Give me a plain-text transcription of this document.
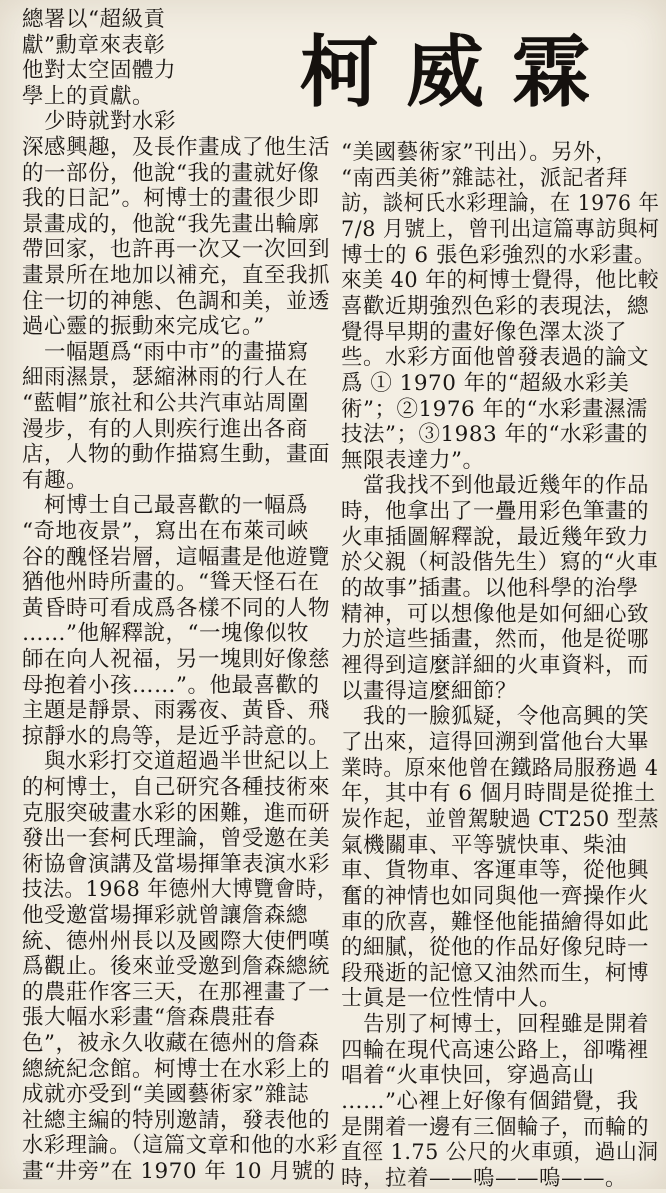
柯威霖
總署以“超級貢
獻”勳章來表彰
他對太空固體力
學上的貢獻。
　少時就對水彩
深感興趣，及長作畫成了他生活
的一部份，他說“我的畫就好像
我的日記”。柯博士的畫很少即
景畫成的，他說“我先畫出輪廓
帶回家，也許再一次又一次回到
畫景所在地加以補充，直至我抓
住一切的神態、色調和美，並透
過心靈的振動來完成它。”
　一幅題爲“雨中市”的畫描寫
細雨濕景，瑟縮淋雨的行人在
“藍帽”旅社和公共汽車站周圍
漫步，有的人則疾行進出各商
店，人物的動作描寫生動，畫面
有趣。
　柯博士自己最喜歡的一幅爲
“奇地夜景”，寫出在布萊司峽
谷的醜怪岩層，這幅畫是他遊覽
猶他州時所畫的。“聳天怪石在
黃昏時可看成爲各樣不同的人物
……”他解釋說，“一塊像似牧
師在向人祝福，另一塊則好像慈
母抱着小孩……”。他最喜歡的
主題是靜景、雨霧夜、黃昏、飛
掠靜水的鳥等，是近乎詩意的。
　與水彩打交道超過半世紀以上
的柯博士，自己研究各種技術來
克服突破畫水彩的困難，進而研
發出一套柯氏理論，曾受邀在美
術協會演講及當場揮筆表演水彩
技法。1968 年德州大博覽會時，
他受邀當場揮彩就曾讓詹森總
統、德州州長以及國際大使們嘆
爲觀止。後來並受邀到詹森總統
的農莊作客三天，在那裡畫了一
張大幅水彩畫“詹森農莊春
色”，被永久收藏在德州的詹森
總統紀念館。柯博士在水彩上的
成就亦受到“美國藝術家”雜誌
社總主編的特別邀請，發表他的
水彩理論。（這篇文章和他的水彩
畫“井旁”在 1970 年 10 月號的
“美國藝術家”刊出）。另外，
“南西美術”雜誌社，派記者拜
訪，談柯氏水彩理論，在 1976 年
7/8 月號上，曾刊出這篇專訪與柯
博士的 6 張色彩強烈的水彩畫。
來美 40 年的柯博士覺得，他比較
喜歡近期強烈色彩的表現法，總
覺得早期的畫好像色澤太淡了
些。水彩方面他曾發表過的論文
爲 ① 1970 年的“超級水彩美
術”；②1976 年的“水彩畫濕濡
技法”；③1983 年的“水彩畫的
無限表達力”。
　當我找不到他最近幾年的作品
時，他拿出了一疊用彩色筆畫的
火車插圖解釋說，最近幾年致力
於父親（柯設偕先生）寫的“火車
的故事”插畫。以他科學的治學
精神，可以想像他是如何細心致
力於這些插畫，然而，他是從哪
裡得到這麼詳細的火車資料，而
以畫得這麼細節？
　我的一臉狐疑，令他高興的笑
了出來，這得回溯到當他台大畢
業時。原來他曾在鐵路局服務過 4
年，其中有 6 個月時間是從推土
炭作起，並曾駕駛過 CT250 型蒸
氣機關車、平等號快車、柴油
車、貨物車、客運車等，從他興
奮的神情也如同與他一齊操作火
車的欣喜，難怪他能描繪得如此
的細膩，從他的作品好像兒時一
段飛逝的記憶又油然而生，柯博
士眞是一位性情中人。
　告別了柯博士，回程雖是開着
四輪在現代高速公路上，卻嘴裡
唱着“火車快回，穿過高山
……”心裡上好像有個錯覺，我
是開着一邊有三個輪子，而輪的
直徑 1.75 公尺的火車頭，過山洞
時，拉着——嗚——嗚——。
